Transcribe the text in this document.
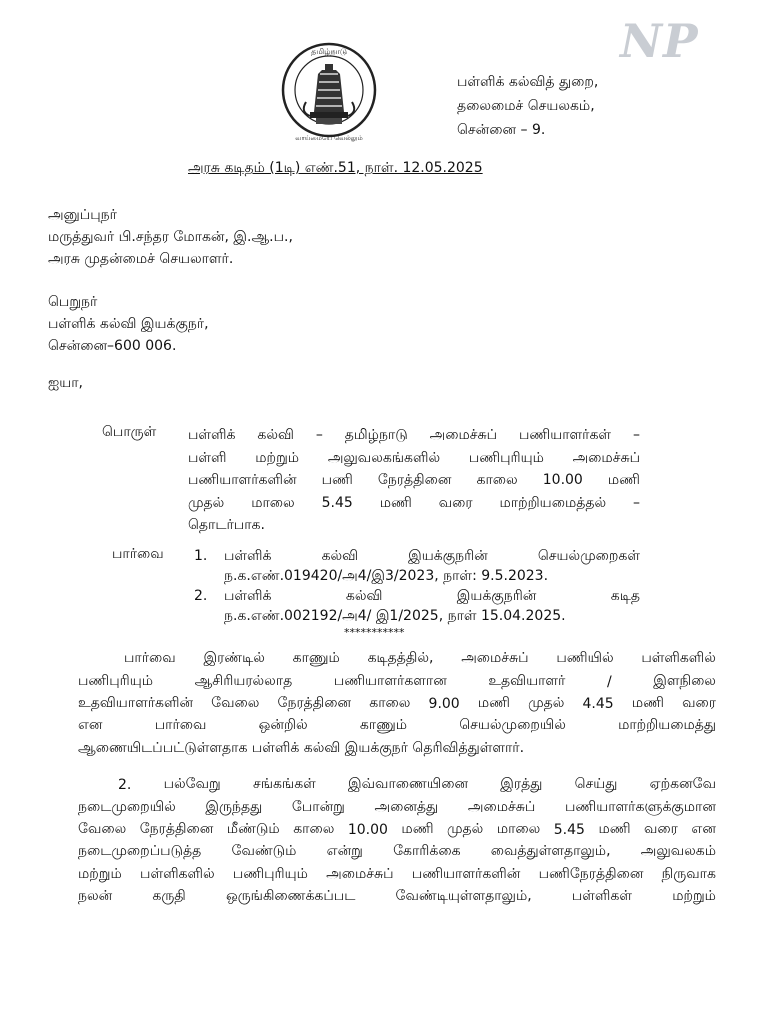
NP
தமிழ்நாடு
வாய்மையே வெல்லும்
பள்ளிக் கல்வித் துறை,
தலைமைச் செயலகம்,
சென்னை – 9.
அரசு கடிதம் (1டி) எண்.51, நாள். 12.05.2025
அனுப்புநர்
மருத்துவர் பி.சந்தர மோகன், இ.ஆ.ப.,
அரசு முதன்மைச் செயலாளர்.
பெறுநர்
பள்ளிக் கல்வி இயக்குநர்,
சென்னை–600 006.
ஐயா,
பொருள் பள்ளிக் கல்வி – தமிழ்நாடு அமைச்சுப் பணியாளர்கள் –
பள்ளி மற்றும் அலுவலகங்களில் பணிபுரியும் அமைச்சுப்
பணியாளர்களின் பணி நேரத்தினை காலை 10.00 மணி
முதல் மாலை 5.45 மணி வரை மாற்றியமைத்தல் –
தொடர்பாக.
பார்வை 1. பள்ளிக்	கல்வி	இயக்குநரின்	செயல்முறைகள்
ந.க.எண்.019420/அ4/இ3/2023, நாள்: 9.5.2023.
2. பள்ளிக்	கல்வி	இயக்குநரின்	கடித
ந.க.எண்.002192/அ4/ இ1/2025, நாள் 15.04.2025.
***********
பார்வை இரண்டில் காணும் கடிதத்தில், அமைச்சுப் பணியில் பள்ளிகளில்
பணிபுரியும்	ஆசிரியரல்லாத	பணியாளர்களான	உதவியாளர்	/	இளநிலை
உதவியாளர்களின் வேலை நேரத்தினை காலை 9.00 மணி முதல் 4.45 மணி வரை
என	பார்வை	ஒன்றில்	காணும்	செயல்முறையில்	மாற்றியமைத்து
ஆணையிடப்பட்டுள்ளதாக பள்ளிக் கல்வி இயக்குநர் தெரிவித்துள்ளார்.
2. பல்வேறு சங்கங்கள் இவ்வாணையினை இரத்து செய்து ஏற்கனவே
நடைமுறையில் இருந்தது போன்று அனைத்து அமைச்சுப் பணியாளர்களுக்குமான
வேலை நேரத்தினை மீண்டும் காலை 10.00 மணி முதல் மாலை 5.45 மணி வரை என
நடைமுறைப்படுத்த வேண்டும் என்று கோரிக்கை வைத்துள்ளதாலும், அலுவலகம்
மற்றும் பள்ளிகளில் பணிபுரியும் அமைச்சுப் பணியாளர்களின் பணிநேரத்தினை நிருவாக
நலன்	கருதி	ஒருங்கிணைக்கப்பட	வேண்டியுள்ளதாலும்,	பள்ளிகள்	மற்றும்
